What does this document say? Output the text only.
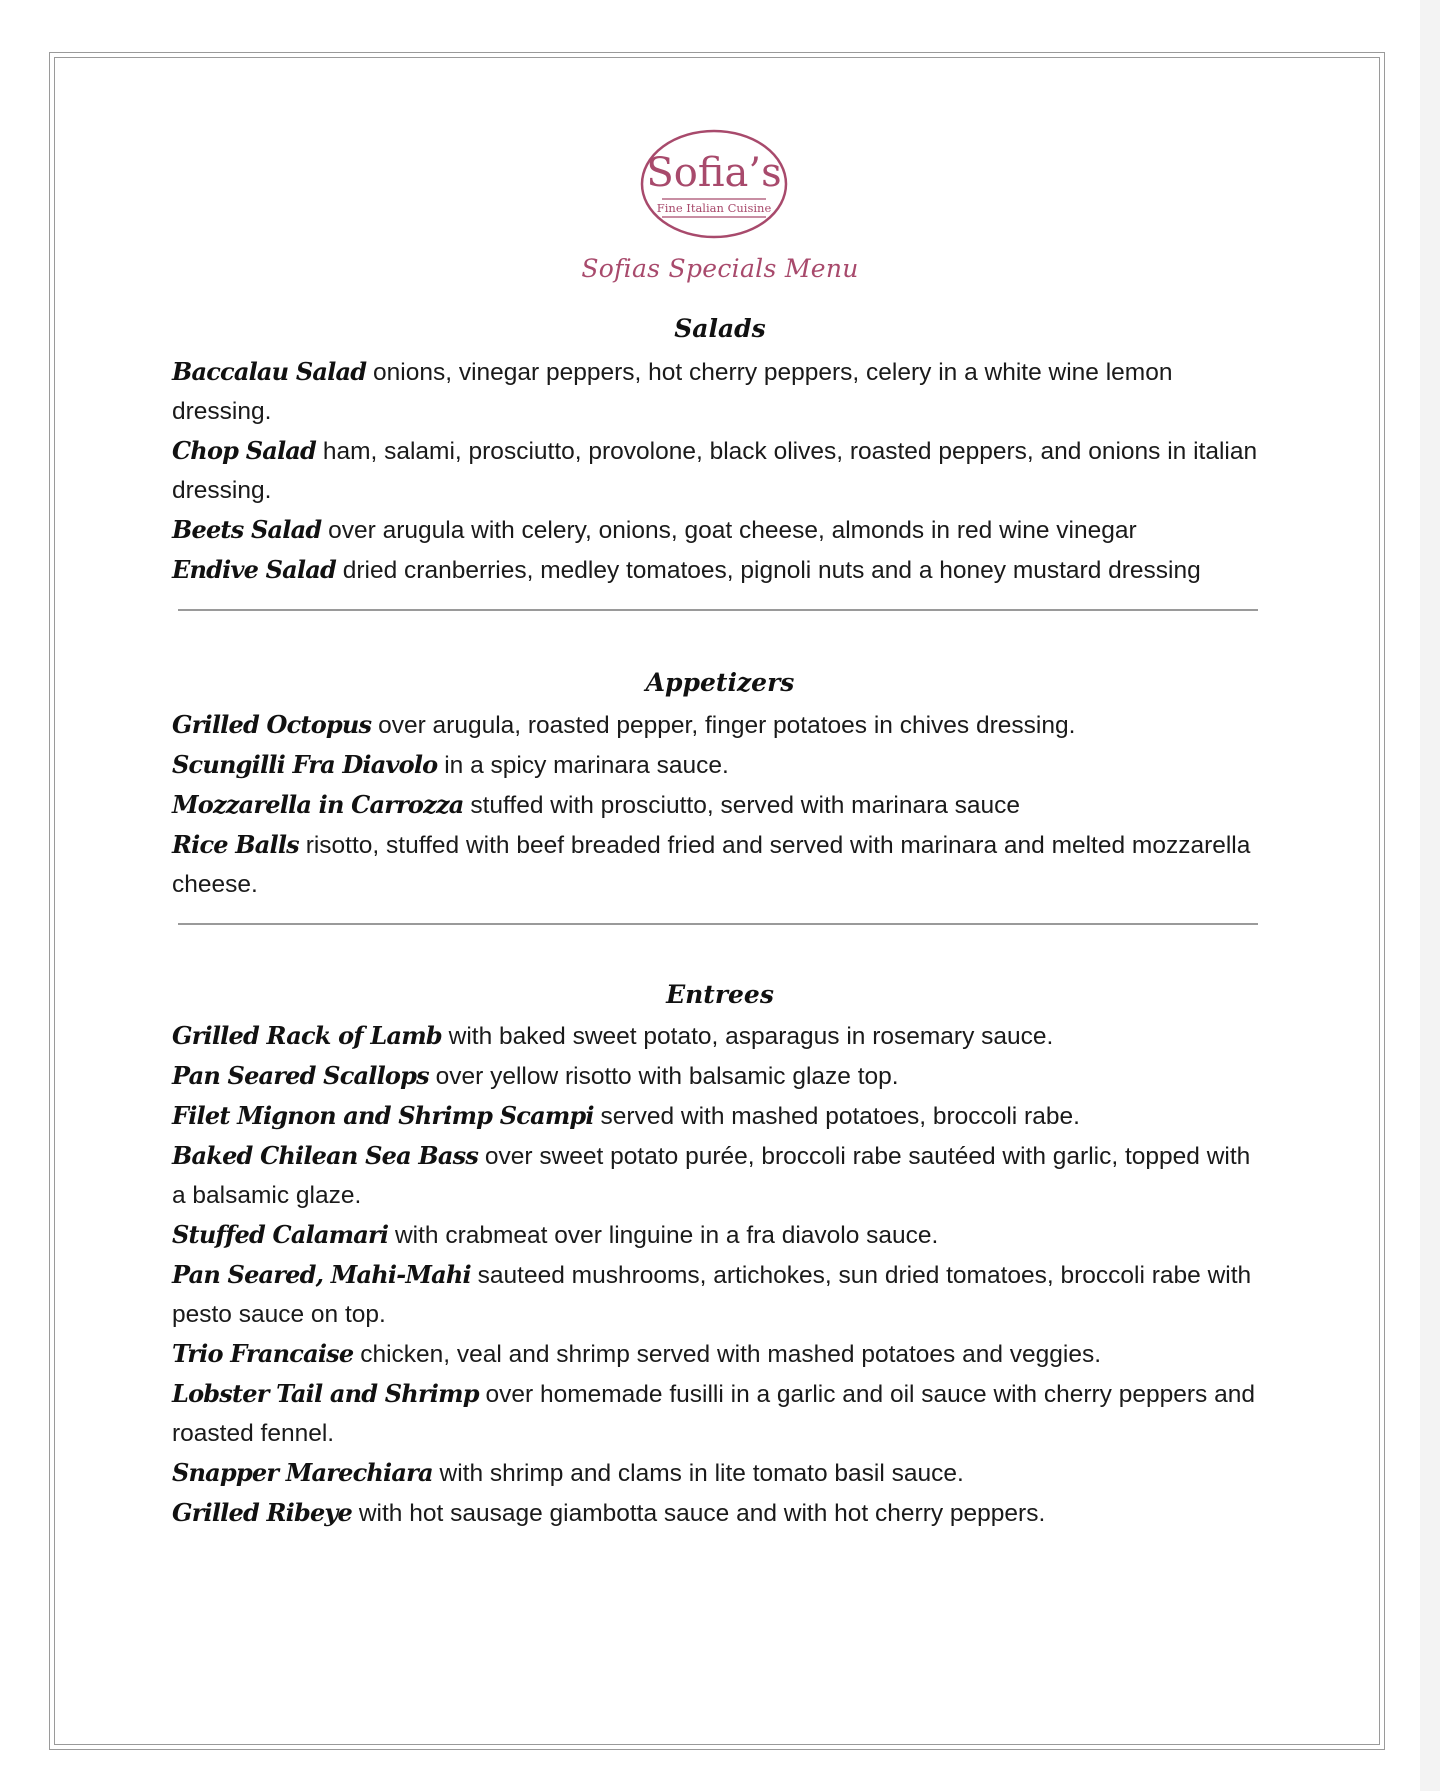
Sofia’s
Fine Italian Cuisine
Sofias Specials Menu
Salads

Baccalau Salad onions, vinegar peppers, hot cherry peppers, celery in a white wine lemon dressing.

Chop Salad ham, salami, prosciutto, provolone, black olives, roasted peppers, and onions in italian dressing.

Beets Salad over arugula with celery, onions, goat cheese, almonds in red wine vinegar

Endive Salad dried cranberries, medley tomatoes, pignoli nuts and a honey mustard dressing

Appetizers

Grilled Octopus over arugula, roasted pepper, finger potatoes in chives dressing.

Scungilli Fra Diavolo in a spicy marinara sauce.

Mozzarella in Carrozza stuffed with prosciutto, served with marinara sauce

Rice Balls risotto, stuffed with beef breaded fried and served with marinara and melted mozzarella cheese.

Entrees

Grilled Rack of Lamb with baked sweet potato, asparagus in rosemary sauce.

Pan Seared Scallops over yellow risotto with balsamic glaze top.

Filet Mignon and Shrimp Scampi served with mashed potatoes, broccoli rabe.

Baked Chilean Sea Bass over sweet potato purée, broccoli rabe sautéed with garlic, topped with a balsamic glaze.

Stuffed Calamari with crabmeat over linguine in a fra diavolo sauce.

Pan Seared, Mahi-Mahi sauteed mushrooms, artichokes, sun dried tomatoes, broccoli rabe with pesto sauce on top.

Trio Francaise chicken, veal and shrimp served with mashed potatoes and veggies.

Lobster Tail and Shrimp over homemade fusilli in a garlic and oil sauce with cherry peppers and roasted fennel.

Snapper Marechiara with shrimp and clams in lite tomato basil sauce.

Grilled Ribeye with hot sausage giambotta sauce and with hot cherry peppers.
